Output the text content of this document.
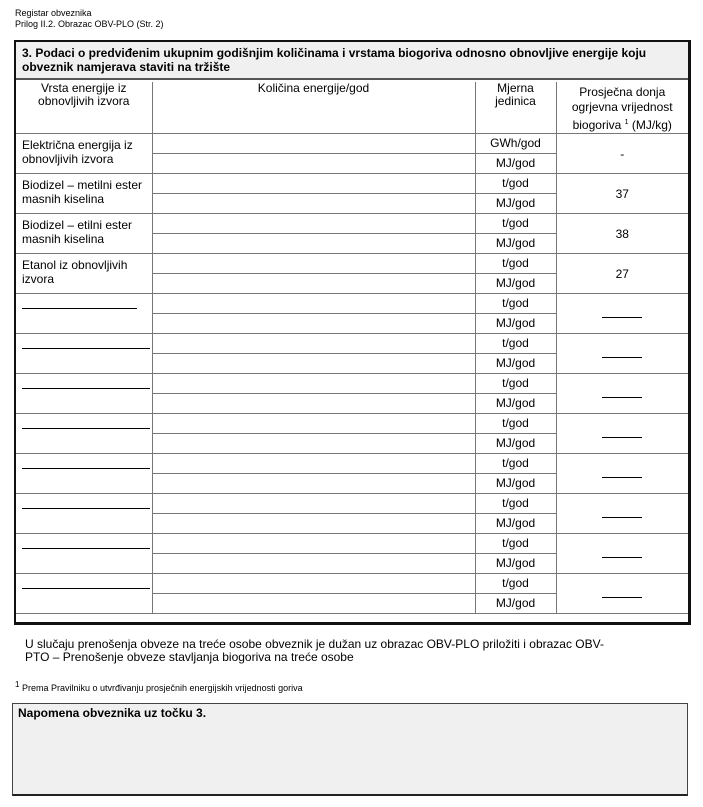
Registar obveznika
Prilog II.2. Obrazac OBV-PLO (Str. 2)
3. Podaci o predviđenim ukupnim godišnjim količinama i vrstama biogoriva odnosno obnovljive energije koju obveznik namjerava staviti na tržište
Vrsta energije iz obnovljivih izvora	Količina energije/god	Mjerna jedinica	Prosječna donja ogrjevna vrijednost biogoriva $^1$ (MJ/kg)
Električna energija iz obnovljivih izvora		GWh/god	-
		MJ/god	
Biodizel – metilni ester masnih kiselina		t/god	37
		MJ/god	
Biodizel – etilni ester masnih kiselina		t/god	38
		MJ/god	
Etanol iz obnovljivih izvora		t/god	27
		MJ/god	

		t/god	
		MJ/god	

		t/god	
		MJ/god	

		t/god	
		MJ/god	

		t/god	
		MJ/god	

		t/god	
		MJ/god	

		t/god	
		MJ/god	

		t/god	
		MJ/god	

		t/god	
		MJ/god	
U slučaju prenošenja obveze na treće osobe obveznik je dužan uz obrazac OBV-PLO priložiti i obrazac OBV-PTO – Prenošenje obveze stavljanja biogoriva na treće osobe
$^1$ Prema Pravilniku o utvrđivanju prosječnih energijskih vrijednosti goriva
Napomena obveznika uz točku 3.
